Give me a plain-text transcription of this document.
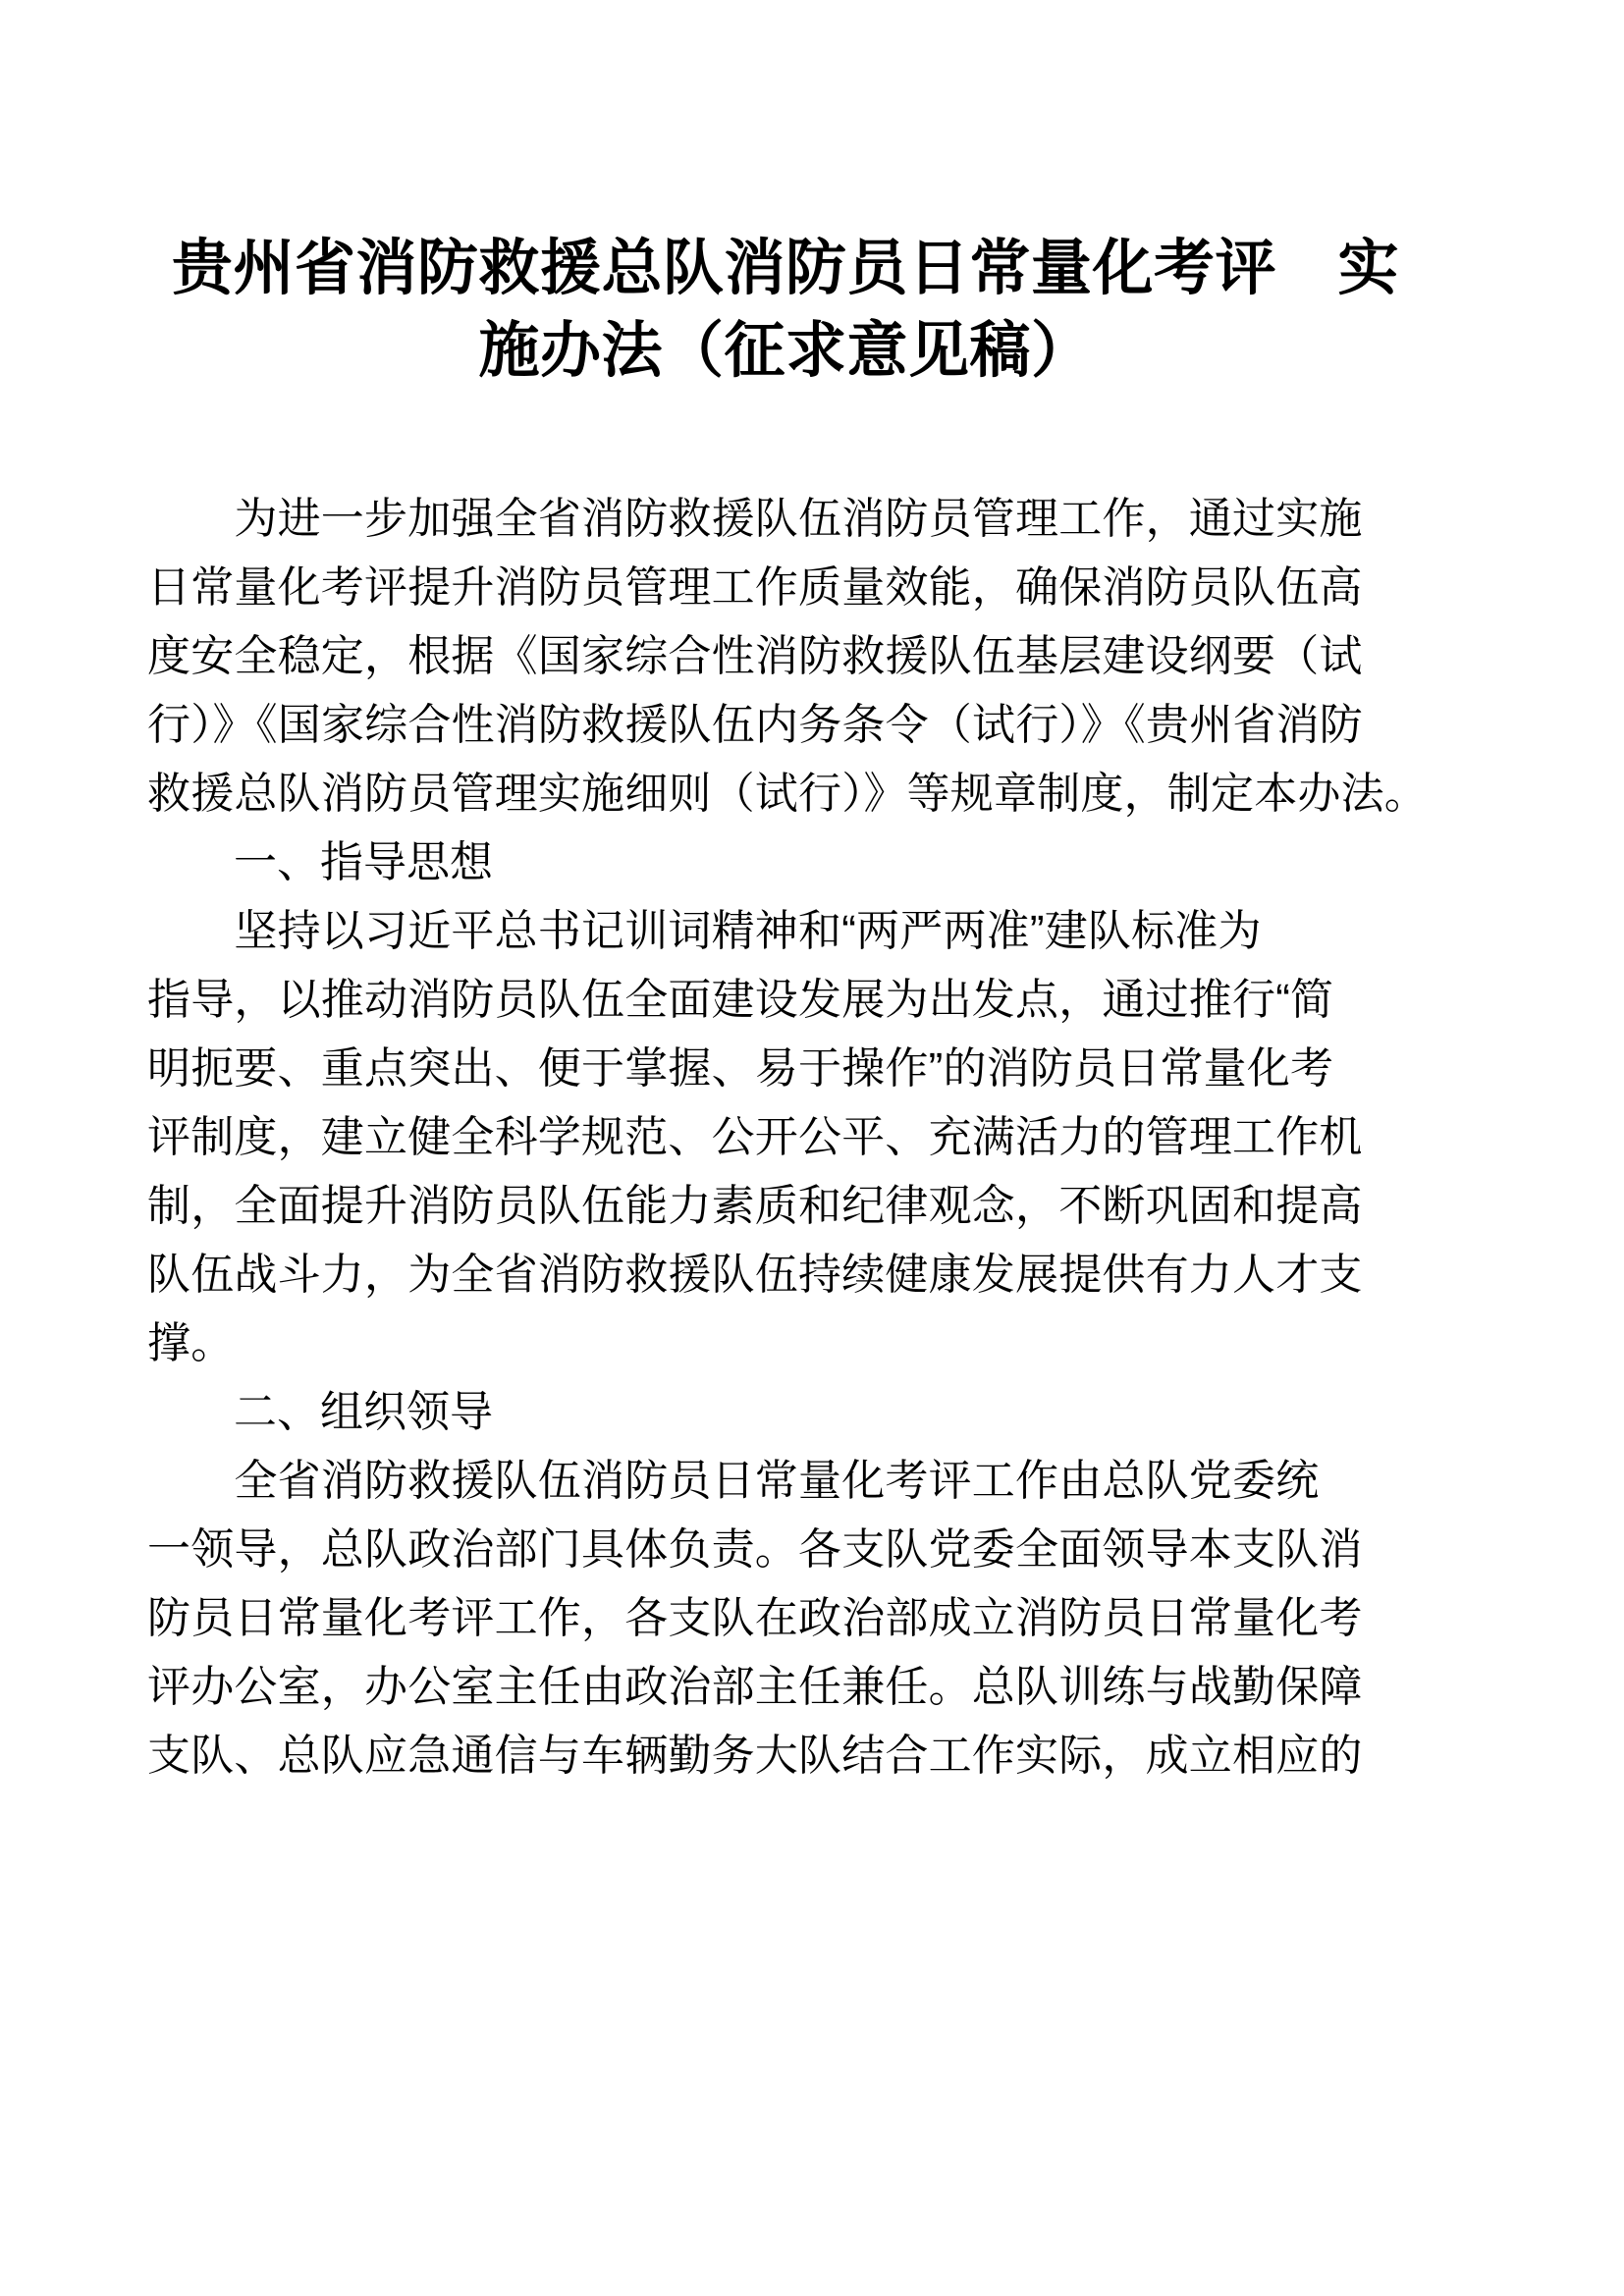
贵州省消防救援总队消防员日常量化考评　实
施办法（征求意见稿）

　　为进一步加强全省消防救援队伍消防员管理工作，通过实施
日常量化考评提升消防员管理工作质量效能，确保消防员队伍高
度安全稳定，根据《国家综合性消防救援队伍基层建设纲要（试
行）》《国家综合性消防救援队伍内务条令（试行）》《贵州省消防
救援总队消防员管理实施细则（试行）》等规章制度，制定本办法。

一、指导思想

　　坚持以习近平总书记训词精神和“两严两准”建队标准为
指导，以推动消防员队伍全面建设发展为出发点，通过推行“简
明扼要、重点突出、便于掌握、易于操作”的消防员日常量化考
评制度，建立健全科学规范、公开公平、充满活力的管理工作机
制，全面提升消防员队伍能力素质和纪律观念，不断巩固和提高
队伍战斗力，为全省消防救援队伍持续健康发展提供有力人才支
撑。

二、组织领导

　　全省消防救援队伍消防员日常量化考评工作由总队党委统
一领导，总队政治部门具体负责。各支队党委全面领导本支队消
防员日常量化考评工作，各支队在政治部成立消防员日常量化考
评办公室，办公室主任由政治部主任兼任。总队训练与战勤保障
支队、总队应急通信与车辆勤务大队结合工作实际，成立相应的
